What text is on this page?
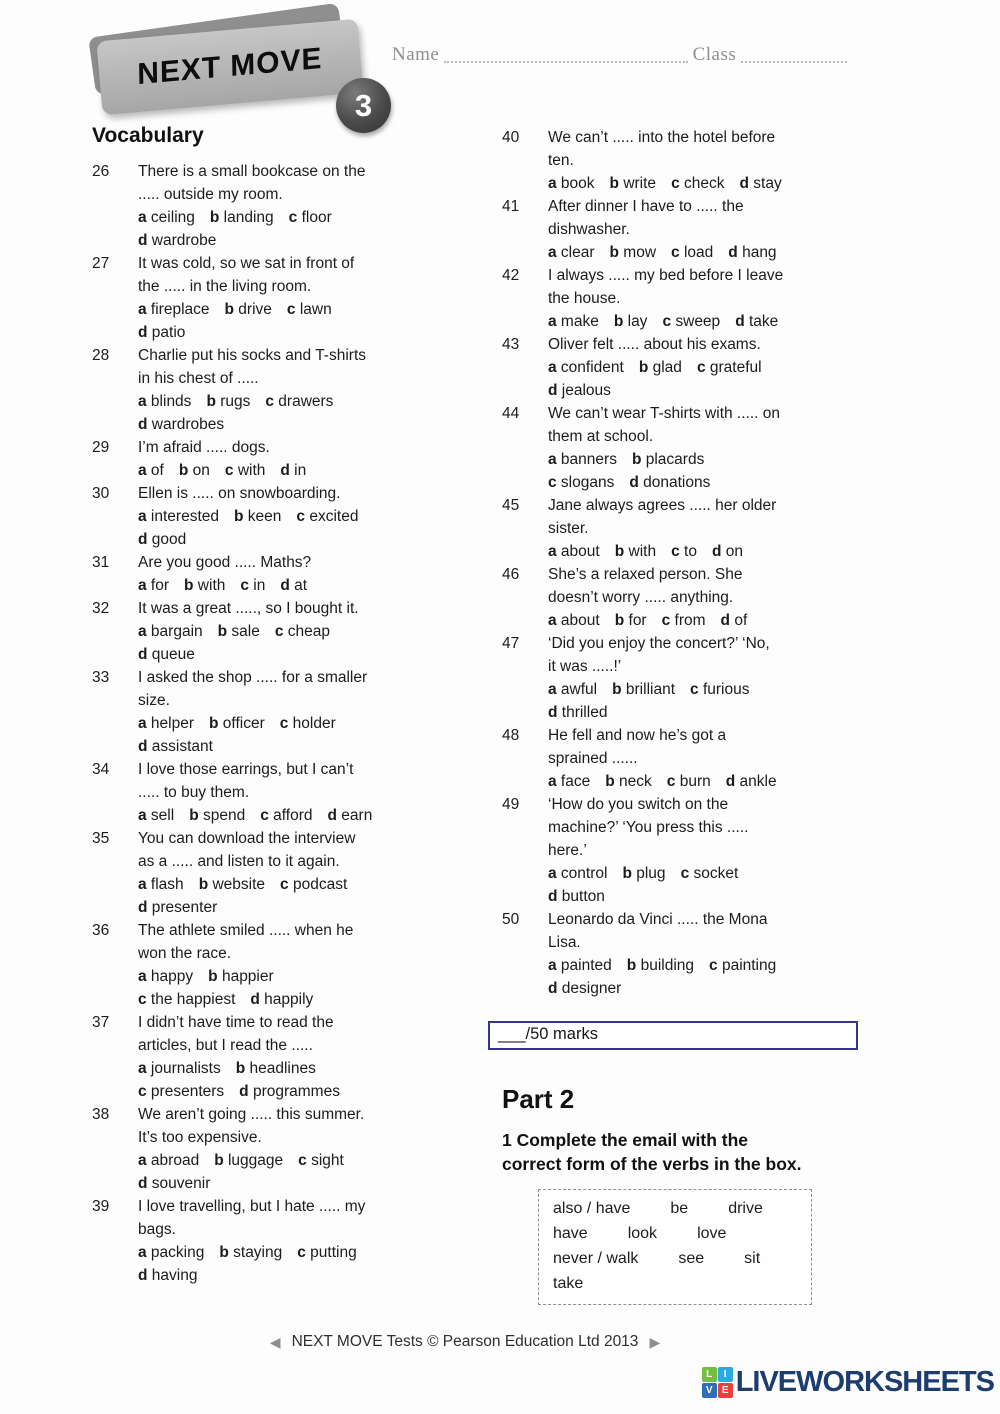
NEXT MOVE
3
Name	Class
Vocabulary
26	There is a small bookcase on the
..... outside my room.
a ceiling b landing c floor
d wardrobe
27	It was cold, so we sat in front of
the ..... in the living room.
a fireplace b drive c lawn
d patio
28	Charlie put his socks and T-shirts
in his chest of .....
a blinds b rugs c drawers
d wardrobes
29	I’m afraid ..... dogs.
a of b on c with d in
30	Ellen is ..... on snowboarding.
a interested b keen c excited
d good
31	Are you good ..... Maths?
a for b with c in d at
32	It was a great ....., so I bought it.
a bargain b sale c cheap
d queue
33	I asked the shop ..... for a smaller
size.
a helper b officer c holder
d assistant
34	I love those earrings, but I can’t
..... to buy them.
a sell b spend c afford d earn
35	You can download the interview
as a ..... and listen to it again.
a flash b website c podcast
d presenter
36	The athlete smiled ..... when he
won the race.
a happy b happier
c the happiest d happily
37	I didn’t have time to read the
articles, but I read the .....
a journalists b headlines
c presenters d programmes
38	We aren’t going ..... this summer.
It’s too expensive.
a abroad b luggage c sight
d souvenir
39	I love travelling, but I hate ..... my
bags.
a packing b staying c putting
d having
40	We can’t ..... into the hotel before
ten.
a book b write c check d stay
41	After dinner I have to ..... the
dishwasher.
a clear b mow c load d hang
42	I always ..... my bed before I leave
the house.
a make b lay c sweep d take
43	Oliver felt ..... about his exams.
a confident b glad c grateful
d jealous
44	We can’t wear T-shirts with ..... on
them at school.
a banners b placards
c slogans d donations
45	Jane always agrees ..... her older
sister.
a about b with c to d on
46	She’s a relaxed person. She
doesn’t worry ..... anything.
a about b for c from d of
47	‘Did you enjoy the concert?’ ‘No,
it was .....!’
a awful b brilliant c furious
d thrilled
48	He fell and now he’s got a
sprained ......
a face b neck c burn d ankle
49	‘How do you switch on the
machine?’ ‘You press this .....
here.’
a control b plug c socket
d button
50	Leonardo da Vinci ..... the Mona
Lisa.
a painted b building c painting
d designer
___/50 marks
Part 2
1 Complete the email with the
correct form of the verbs in the box.
also / have	be	drive
have	look	love
never / walk	see	sit
take
◀ NEXT MOVE Tests © Pearson Education Ltd 2013 ▶
L	I
V E LIVEWORKSHEETS
